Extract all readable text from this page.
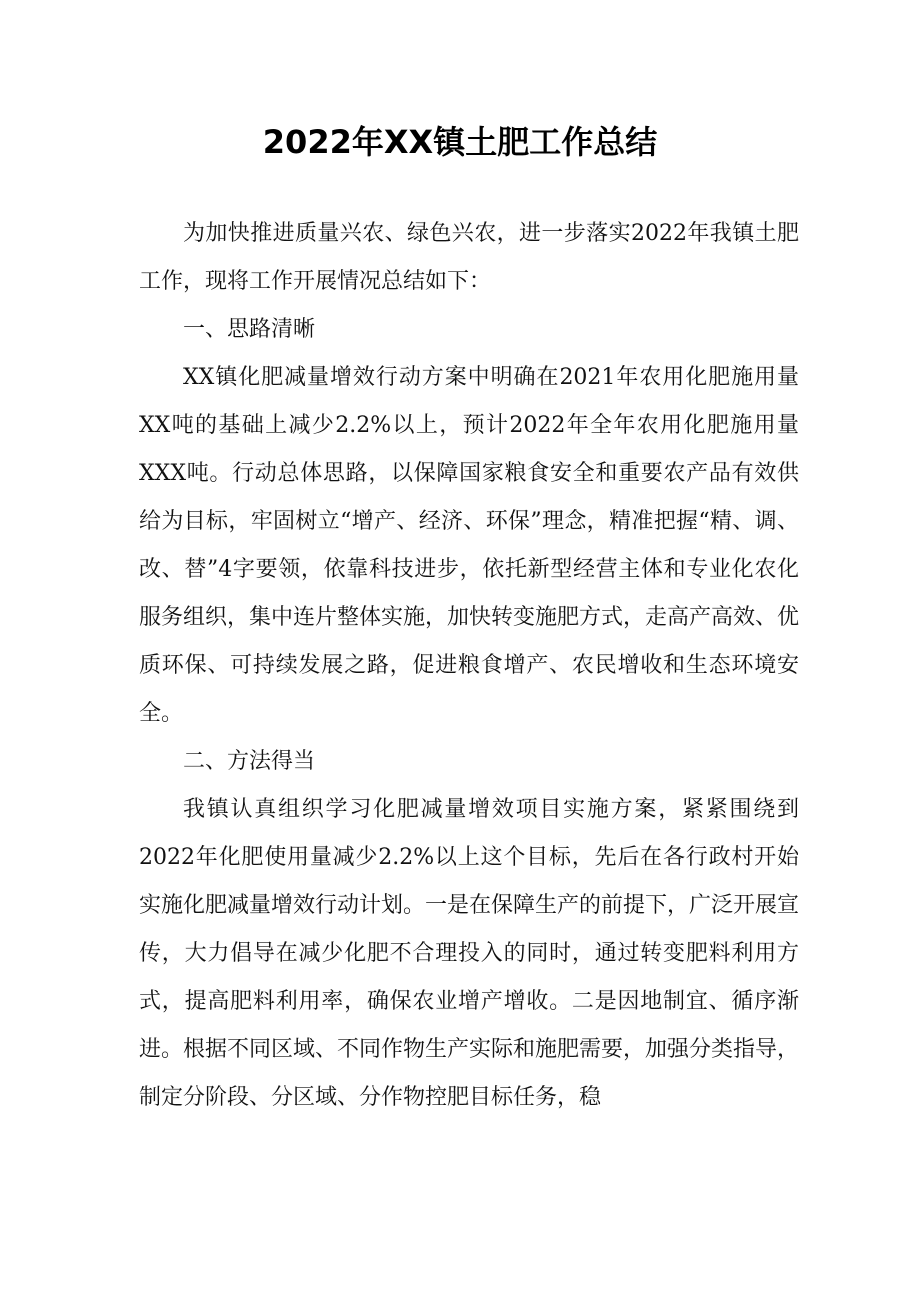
2022年XX镇土肥工作总结

为加快推进质量兴农、绿色兴农，进一步落实2022年我镇土肥工作，现将工作开展情况总结如下：

一、思路清晰

XX镇化肥减量增效行动方案中明确在2021年农用化肥施用量XX吨的基础上减少2.2%以上，预计2022年全年农用化肥施用量XXX吨。行动总体思路，以保障国家粮食安全和重要农产品有效供给为目标，牢固树立“增产、经济、环保”理念，精准把握“精、调、改、替”4字要领，依靠科技进步，依托新型经营主体和专业化农化服务组织，集中连片整体实施，加快转变施肥方式，走高产高效、优质环保、可持续发展之路，促进粮食增产、农民增收和生态环境安全。

二、方法得当

我镇认真组织学习化肥减量增效项目实施方案，紧紧围绕到2022年化肥使用量减少2.2%以上这个目标，先后在各行政村开始实施化肥减量增效行动计划。一是在保障生产的前提下，广泛开展宣传，大力倡导在减少化肥不合理投入的同时，通过转变肥料利用方式，提高肥料利用率，确保农业增产增收。二是因地制宜、循序渐进。根据不同区域、不同作物生产实际和施肥需要，加强分类指导，制定分阶段、分区域、分作物控肥目标任务，稳
